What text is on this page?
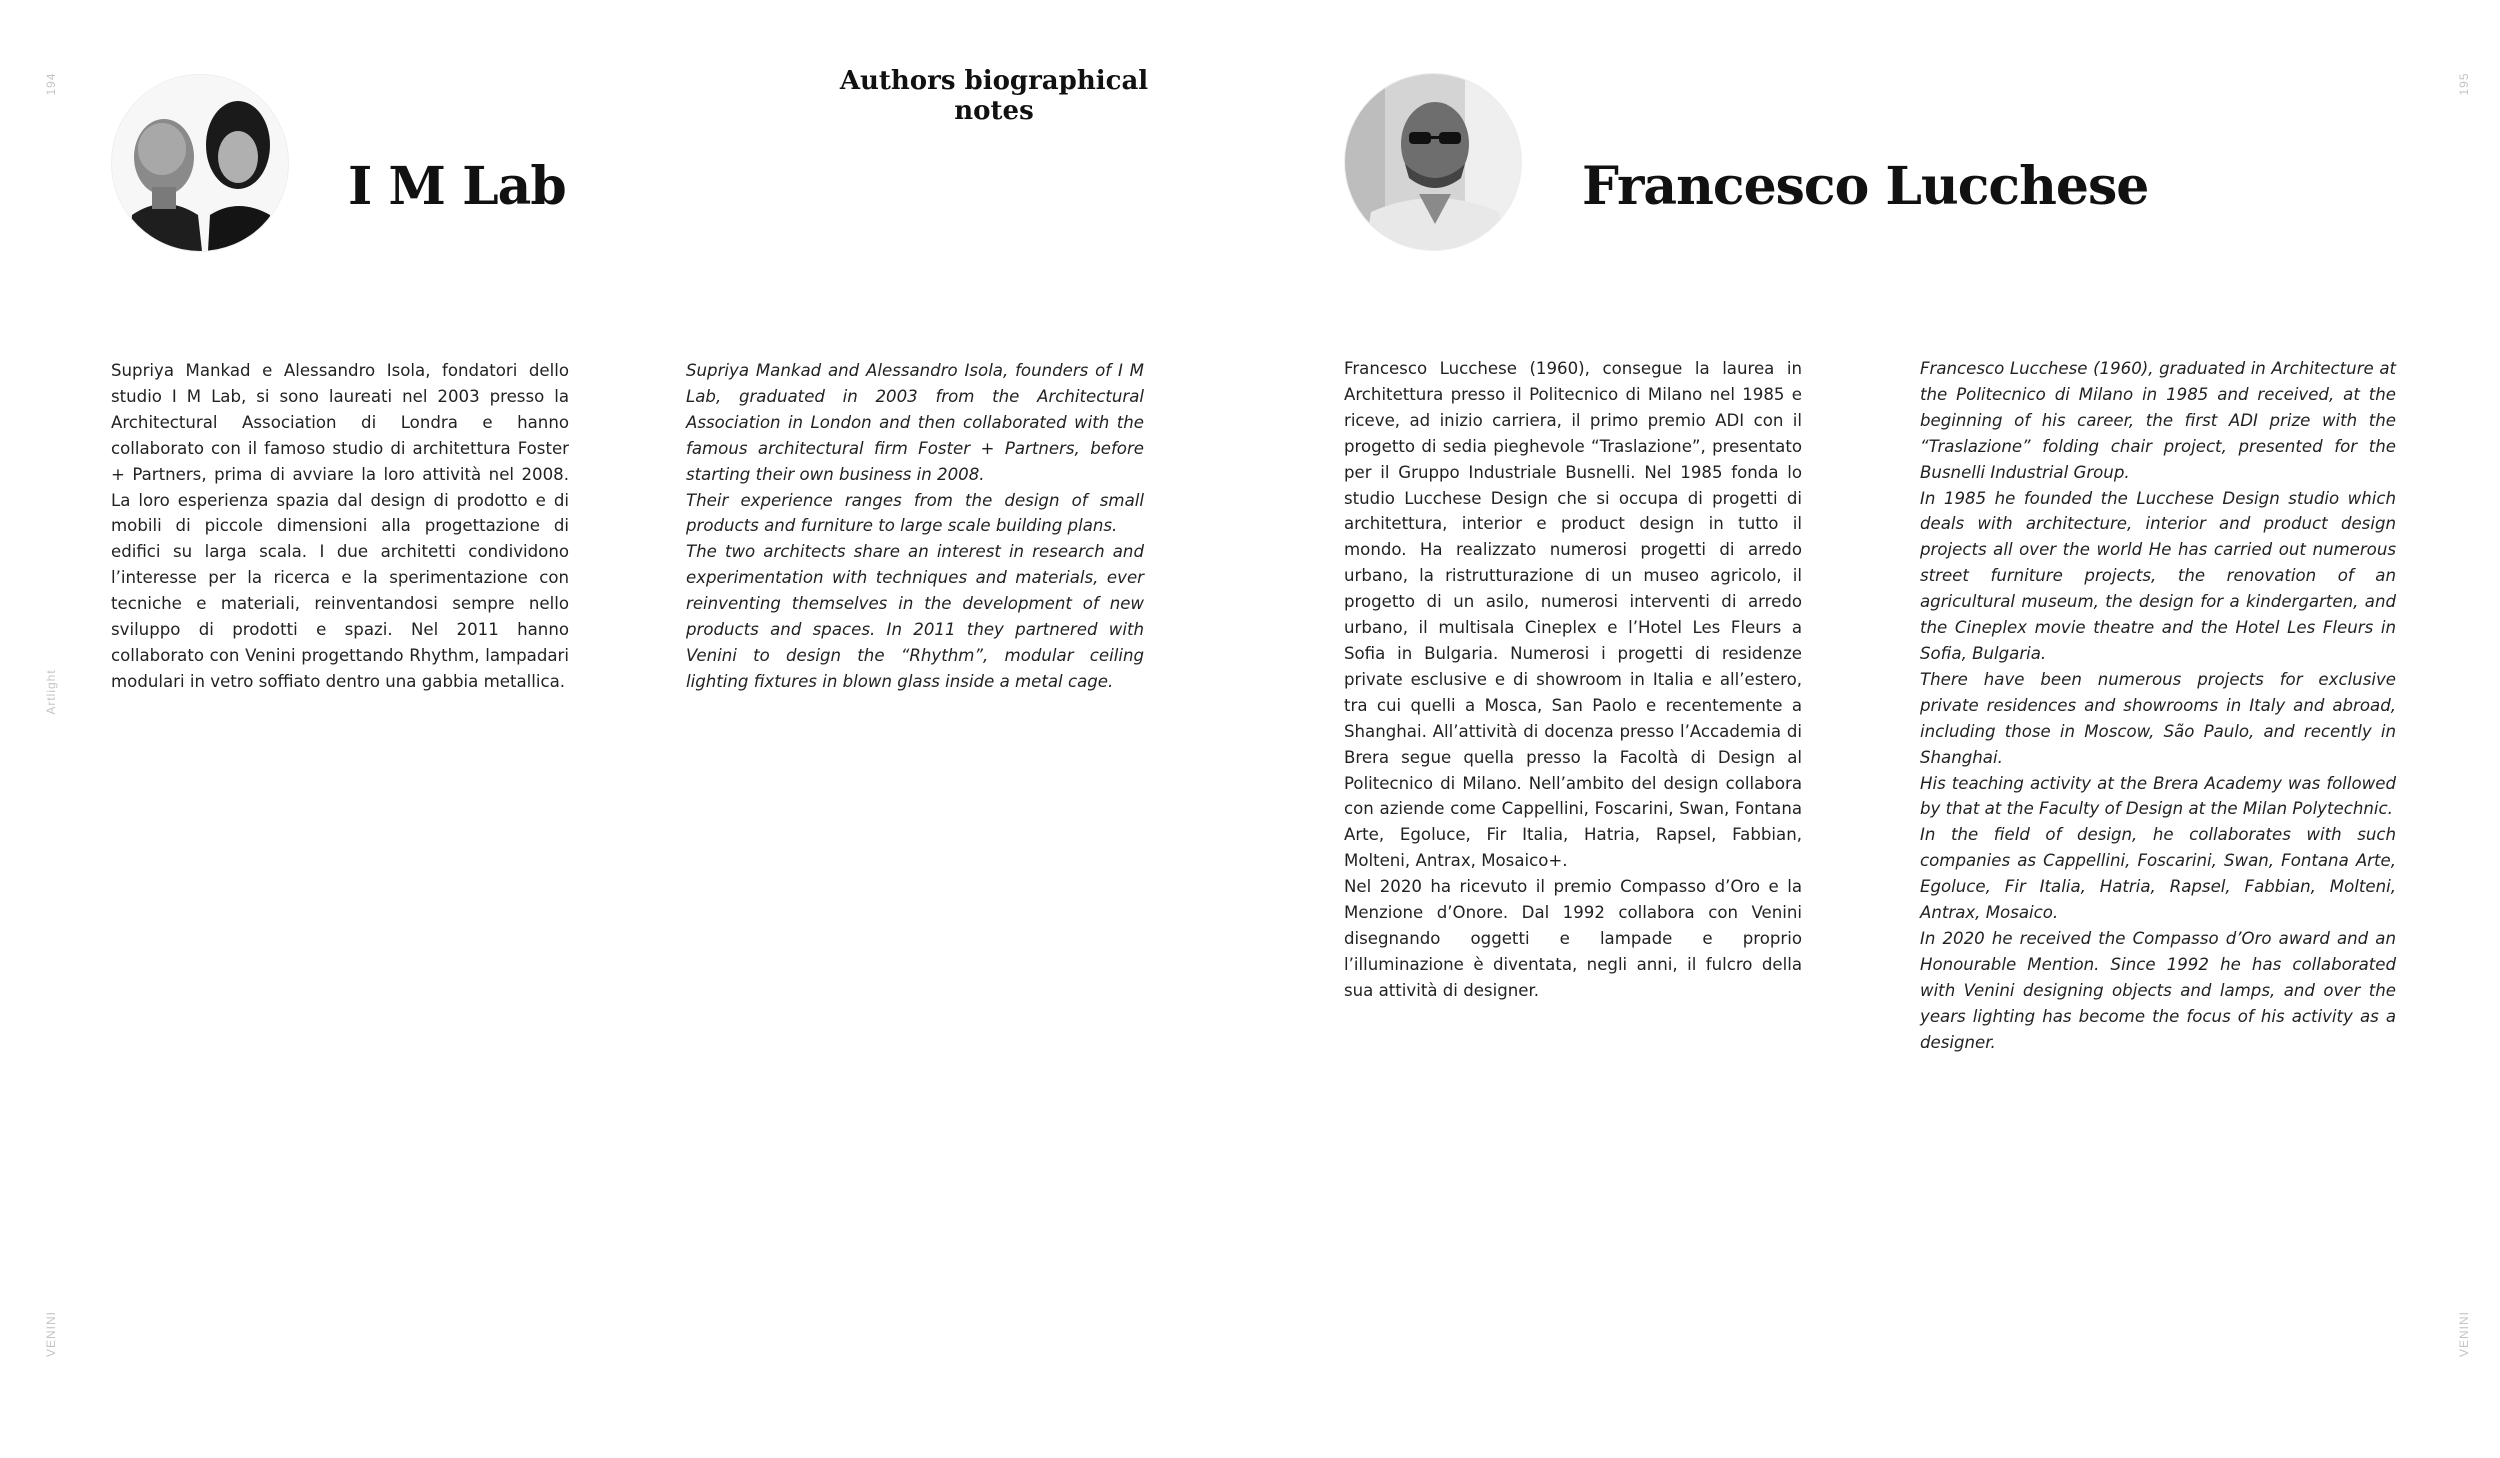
194
Artlight
VENINI
195
VENINI
Authors biographical notes
I M Lab

Supriya Mankad e Alessandro Isola, fondatori dello studio I M Lab, si sono laureati nel 2003 presso la Architectural Association di Londra e hanno collaborato con il famoso studio di architettura Foster + Partners, prima di avviare la loro attività nel 2008. La loro esperienza spazia dal design di prodotto e di mobili di piccole dimensioni alla progettazione di edifici su larga scala. I due architetti condividono l’interesse per la ricerca e la sperimentazione con tecniche e materiali, reinventandosi sempre nello sviluppo di prodotti e spazi. Nel 2011 hanno collaborato con Venini progettando Rhythm, lampadari modulari in vetro soffiato dentro una gabbia metallica.

Supriya Mankad and Alessandro Isola, founders of I M Lab, graduated in 2003 from the Architectural Association in London and then collaborated with the famous architectural firm Foster + Partners, before starting their own business in 2008.

Their experience ranges from the design of small products and furniture to large scale building plans.

The two architects share an interest in research and experimentation with techniques and materials, ever reinventing themselves in the development of new products and spaces. In 2011 they partnered with Venini to design the “Rhythm”, modular ceiling lighting fixtures in blown glass inside a metal cage.

Francesco Lucchese

Francesco Lucchese (1960), consegue la laurea in Architettura presso il Politecnico di Milano nel 1985 e riceve, ad inizio carriera, il primo premio ADI con il progetto di sedia pieghevole “Traslazione”, presentato per il Gruppo Industriale Busnelli. Nel 1985 fonda lo studio Lucchese Design che si occupa di progetti di architettura, interior e product design in tutto il mondo. Ha realizzato numerosi progetti di arredo urbano, la ristrutturazione di un museo agricolo, il progetto di un asilo, numerosi interventi di arredo urbano, il multisala Cineplex e l’Hotel Les Fleurs a Sofia in Bulgaria. Numerosi i progetti di residenze private esclusive e di showroom in Italia e all’estero, tra cui quelli a Mosca, San Paolo e recentemente a Shanghai. All’attività di docenza presso l’Accademia di Brera segue quella presso la Facoltà di Design al Politecnico di Milano. Nell’ambito del design collabora con aziende come Cappellini, Foscarini, Swan, Fontana Arte, Egoluce, Fir Italia, Hatria, Rapsel, Fabbian, Molteni, Antrax, Mosaico+.

Nel 2020 ha ricevuto il premio Compasso d’Oro e la Menzione d’Onore. Dal 1992 collabora con Venini disegnando oggetti e lampade e proprio l’illuminazione è diventata, negli anni, il fulcro della sua attività di designer.

Francesco Lucchese (1960), graduated in Architecture at the Politecnico di Milano in 1985 and received, at the beginning of his career, the first ADI prize with the “Traslazione” folding chair project, presented for the Busnelli Industrial Group.

In 1985 he founded the Lucchese Design studio which deals with architecture, interior and product design projects all over the world He has carried out numerous street furniture projects, the renovation of an agricultural museum, the design for a kindergarten, and the Cineplex movie theatre and the Hotel Les Fleurs in Sofia, Bulgaria.

There have been numerous projects for exclusive private residences and showrooms in Italy and abroad, including those in Moscow, São Paulo, and recently in Shanghai.

His teaching activity at the Brera Academy was followed by that at the Faculty of Design at the Milan Polytechnic.

In the field of design, he collaborates with such companies as Cappellini, Foscarini, Swan, Fontana Arte, Egoluce, Fir Italia, Hatria, Rapsel, Fabbian, Molteni, Antrax, Mosaico.

In 2020 he received the Compasso d’Oro award and an Honourable Mention. Since 1992 he has collaborated with Venini designing objects and lamps, and over the years lighting has become the focus of his activity as a designer.
